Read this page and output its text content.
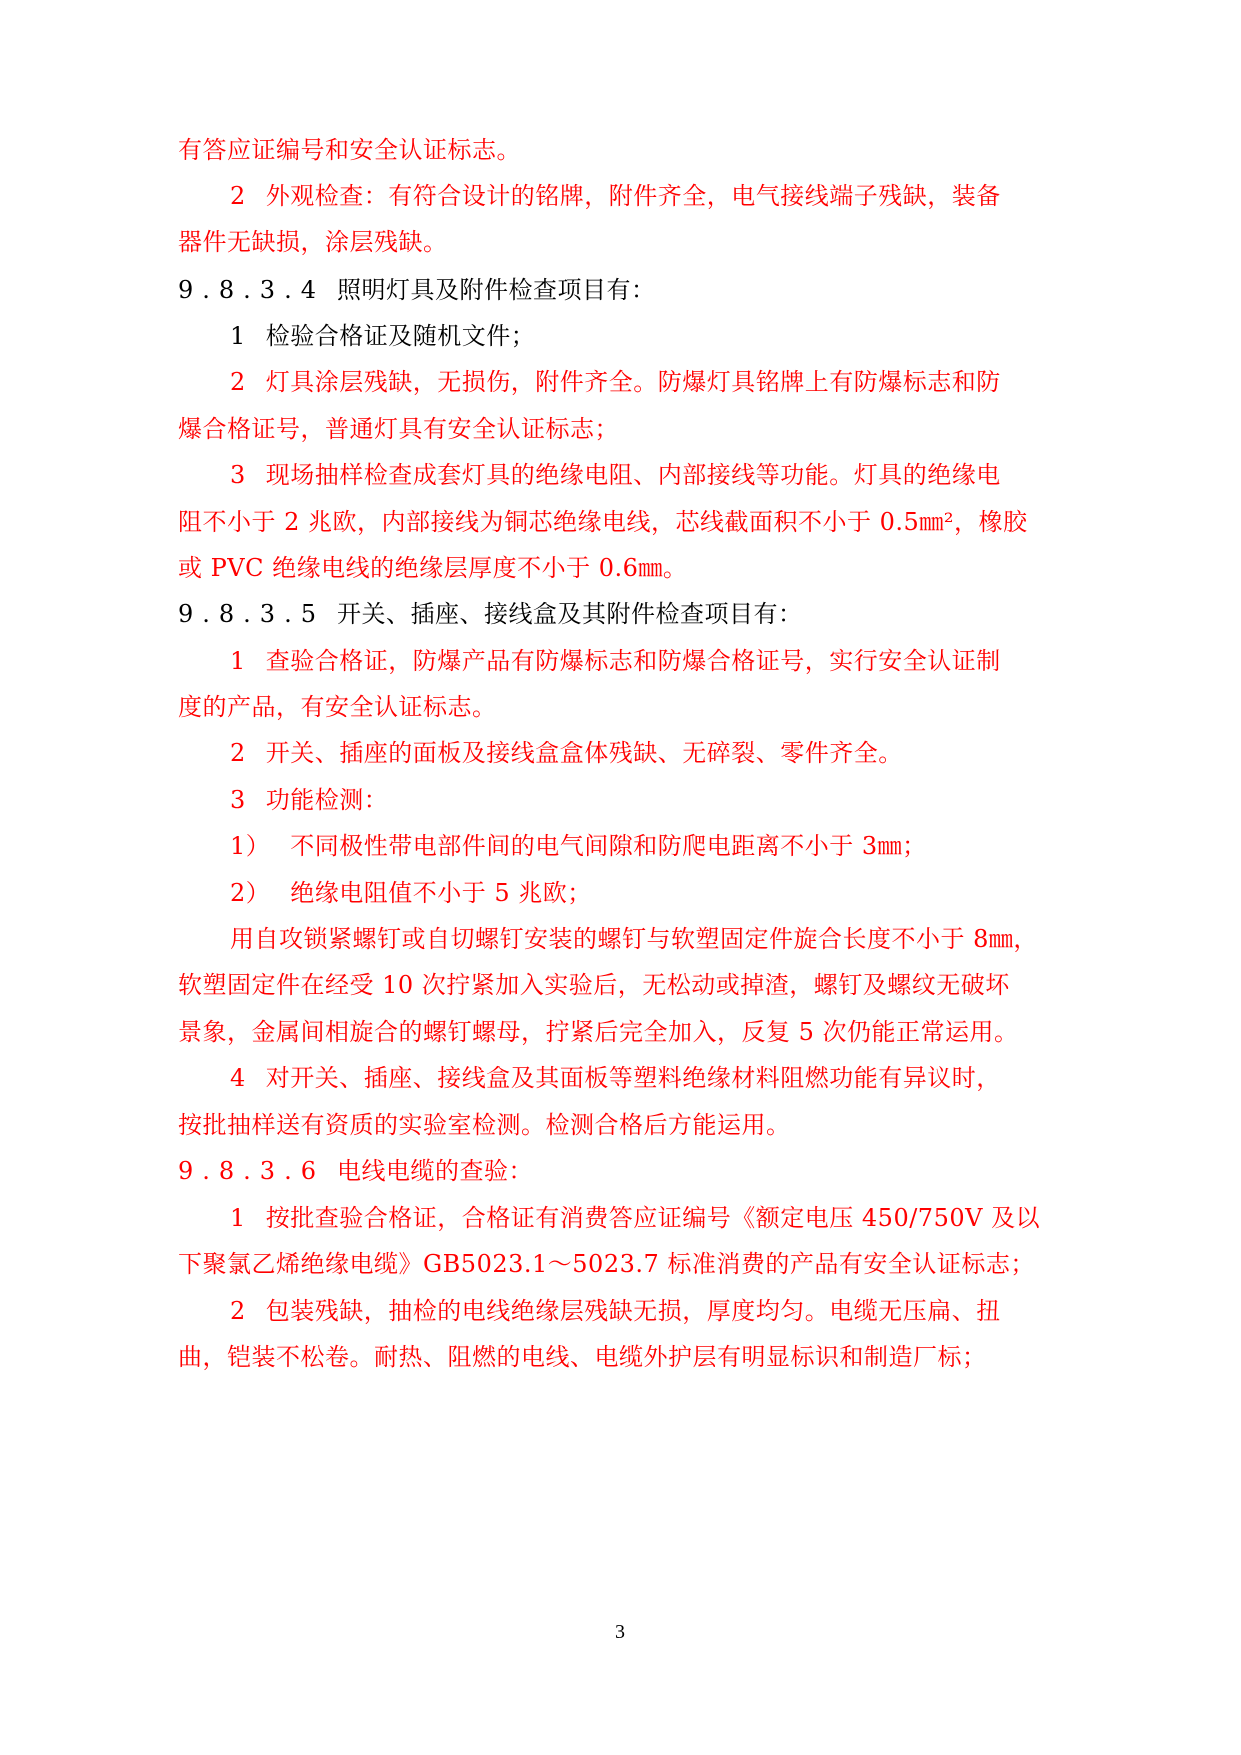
有答应证编号和安全认证标志。
2 外观检查：有符合设计的铭牌，附件齐全，电气接线端子残缺，装备
器件无缺损，涂层残缺。
9.8.3.4 照明灯具及附件检查项目有：
1 检验合格证及随机文件；
2 灯具涂层残缺，无损伤，附件齐全。防爆灯具铭牌上有防爆标志和防
爆合格证号，普通灯具有安全认证标志；
3 现场抽样检查成套灯具的绝缘电阻、内部接线等功能。灯具的绝缘电
阻不小于 2 兆欧，内部接线为铜芯绝缘电线，芯线截面积不小于 0.5㎜²，橡胶
或 PVC 绝缘电线的绝缘层厚度不小于 0.6㎜。
9.8.3.5 开关、插座、接线盒及其附件检查项目有：
1 查验合格证，防爆产品有防爆标志和防爆合格证号，实行安全认证制
度的产品，有安全认证标志。
2 开关、插座的面板及接线盒盒体残缺、无碎裂、零件齐全。
3 功能检测：
1） 不同极性带电部件间的电气间隙和防爬电距离不小于 3㎜；
2） 绝缘电阻值不小于 5 兆欧；
用自攻锁紧螺钉或自切螺钉安装的螺钉与软塑固定件旋合长度不小于 8㎜，
软塑固定件在经受 10 次拧紧加入实验后，无松动或掉渣，螺钉及螺纹无破坏
景象，金属间相旋合的螺钉螺母，拧紧后完全加入，反复 5 次仍能正常运用。
4 对开关、插座、接线盒及其面板等塑料绝缘材料阻燃功能有异议时，
按批抽样送有资质的实验室检测。检测合格后方能运用。
9.8.3.6 电线电缆的查验：
1 按批查验合格证，合格证有消费答应证编号《额定电压 450/750V 及以
下聚氯乙烯绝缘电缆》GB5023.1～5023.7 标准消费的产品有安全认证标志；
2 包装残缺，抽检的电线绝缘层残缺无损，厚度均匀。电缆无压扁、扭
曲，铠装不松卷。耐热、阻燃的电线、电缆外护层有明显标识和制造厂标；
3
